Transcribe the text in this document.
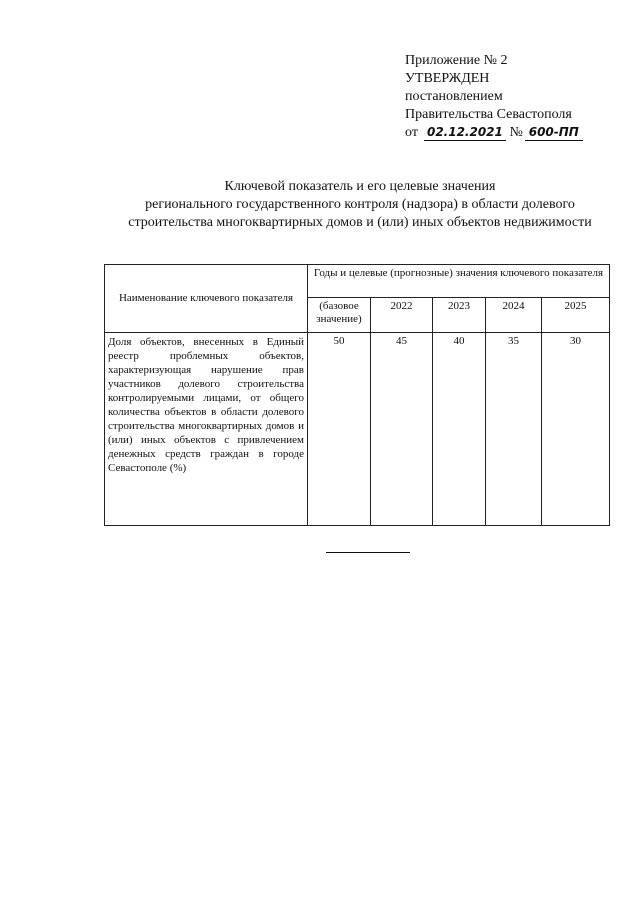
Приложение № 2
УТВЕРЖДЕН
постановлением
Правительства Севастополя
от 02.12.2021 № 600-ПП
Ключевой показатель и его целевые значения
регионального государственного контроля (надзора) в области долевого
строительства многоквартирных домов и (или) иных объектов недвижимости
Наименование ключевого показателя	Годы и целевые (прогнозные) значения ключевого показателя				
	(базовое значение)	2022	2023	2024	2025
Доля объектов, внесенных в Единый реестр проблемных объектов, характеризующая нарушение прав участников долевого строительства контролируемыми лицами, от общего количества объектов в области долевого строительства многоквартирных домов и (или) иных объектов с привлечением денежных средств граждан в городе Севастополе (%)	50	45	40	35	30
